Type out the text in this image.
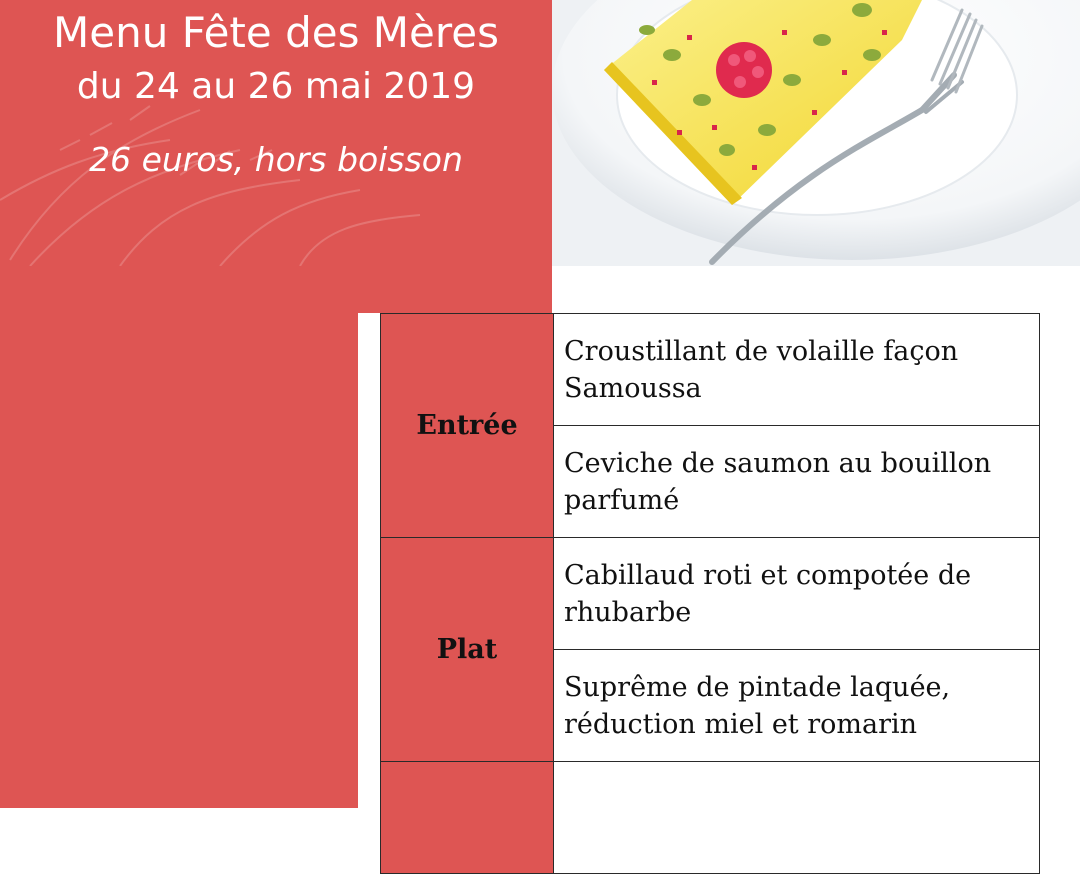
Menu Fête des Mères
du 24 au 26 mai 2019
26 euros, hors boisson
Entrée	Croustillant de volaille façon Samoussa
	Ceviche de saumon au bouillon parfumé
Plat	Cabillaud roti et compotée de rhubarbe
	Suprême de pintade laquée, réduction miel et romarin
